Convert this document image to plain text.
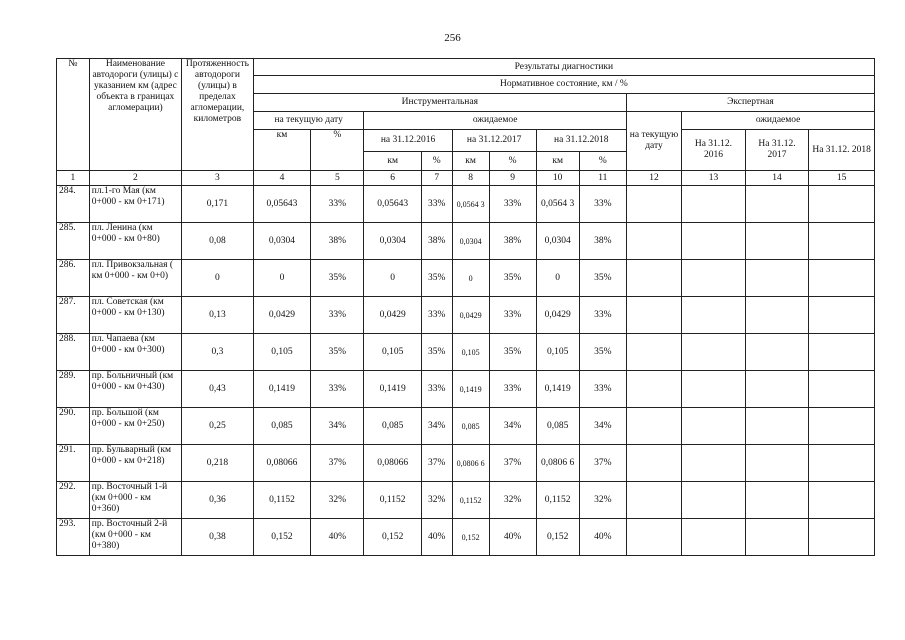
256
№	Наименование автодороги (улицы) с указанием км (адрес объекта в границах агломерации)	Протяженность автодороги (улицы) в пределах агломерации, километров	Результаты диагностики											
			Нормативное состояние, км / %											
			Инструментальная								Экспертная			
			на текущую дату		ожидаемое						на текущую дату	ожидаемое		
			км	%	на 31.12.2016		на 31.12.2017		на 31.12.2018			На 31.12. 2016	На 31.12. 2017	На 31.12. 2018
					км	%	км	%	км	%				
1	2	3	4	5	6	7	8	9	10	11	12	13	14	15
284.	пл.1-го Мая (км 0+000 - км 0+171)	0,171	0,05643	33%	0,05643	33%	0,0564 3	33%	0,0564 3	33%				
285.	пл. Ленина (км 0+000 - км 0+80)	0,08	0,0304	38%	0,0304	38%	0,0304	38%	0,0304	38%				
286.	пл. Привокзальная ( км 0+000 - км 0+0)	0	0	35%	0	35%	0	35%	0	35%				
287.	пл. Советская (км 0+000 - км 0+130)	0,13	0,0429	33%	0,0429	33%	0,0429	33%	0,0429	33%				
288.	пл. Чапаева (км 0+000 - км 0+300)	0,3	0,105	35%	0,105	35%	0,105	35%	0,105	35%				
289.	пр. Больничный (км 0+000 - км 0+430)	0,43	0,1419	33%	0,1419	33%	0,1419	33%	0,1419	33%				
290.	пр. Большой (км 0+000 - км 0+250)	0,25	0,085	34%	0,085	34%	0,085	34%	0,085	34%				
291.	пр. Бульварный (км 0+000 - км 0+218)	0,218	0,08066	37%	0,08066	37%	0,0806 6	37%	0,0806 6	37%				
292.	пр. Восточный 1-й (км 0+000 - км 0+360)	0,36	0,1152	32%	0,1152	32%	0,1152	32%	0,1152	32%				
293.	пр. Восточный 2-й (км 0+000 - км 0+380)	0,38	0,152	40%	0,152	40%	0,152	40%	0,152	40%				
